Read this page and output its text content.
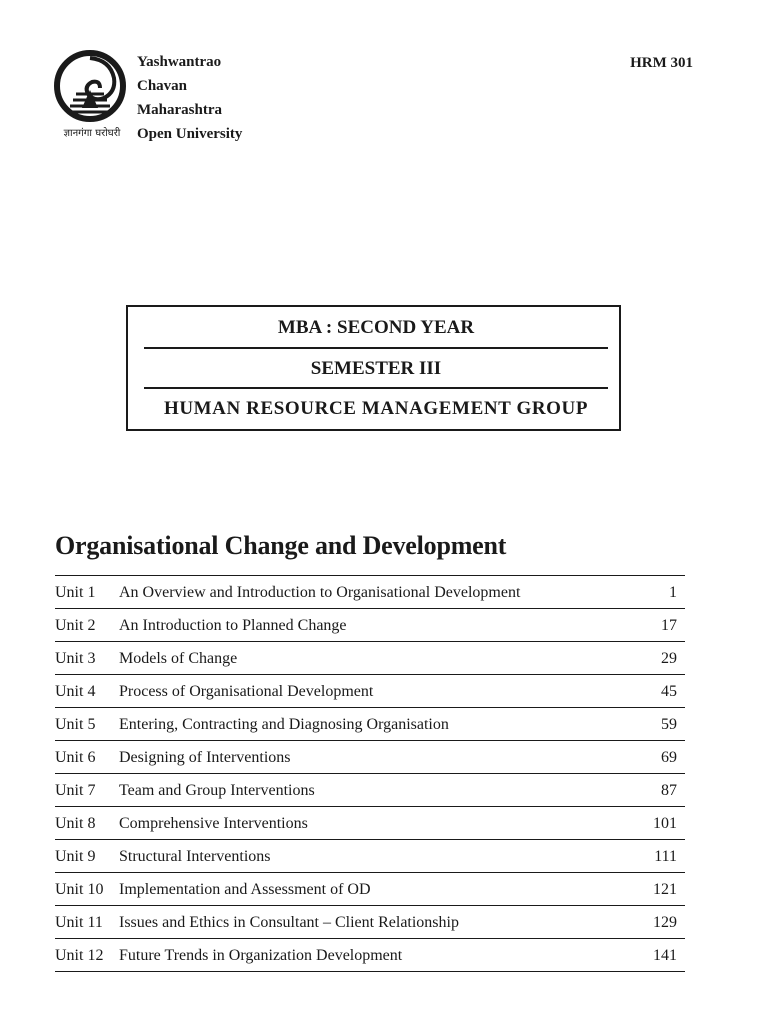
ज्ञानगंगा घरोघरी
Yashwantrao
Chavan
Maharashtra
Open University
HRM 301
MBA : SECOND YEAR
SEMESTER III
HUMAN RESOURCE MANAGEMENT GROUP
Organisational Change and Development
Unit 1 An Overview and Introduction to Organisational Development	1
Unit 2 An Introduction to Planned Change	17
Unit 3 Models of Change	29
Unit 4 Process of Organisational Development	45
Unit 5 Entering, Contracting and Diagnosing Organisation	59
Unit 6 Designing of Interventions	69
Unit 7 Team and Group Interventions	87
Unit 8 Comprehensive Interventions	101
Unit 9 Structural Interventions	111
Unit 10 Implementation and Assessment of OD	121
Unit 11 Issues and Ethics in Consultant – Client Relationship	129
Unit 12 Future Trends in Organization Development	141
